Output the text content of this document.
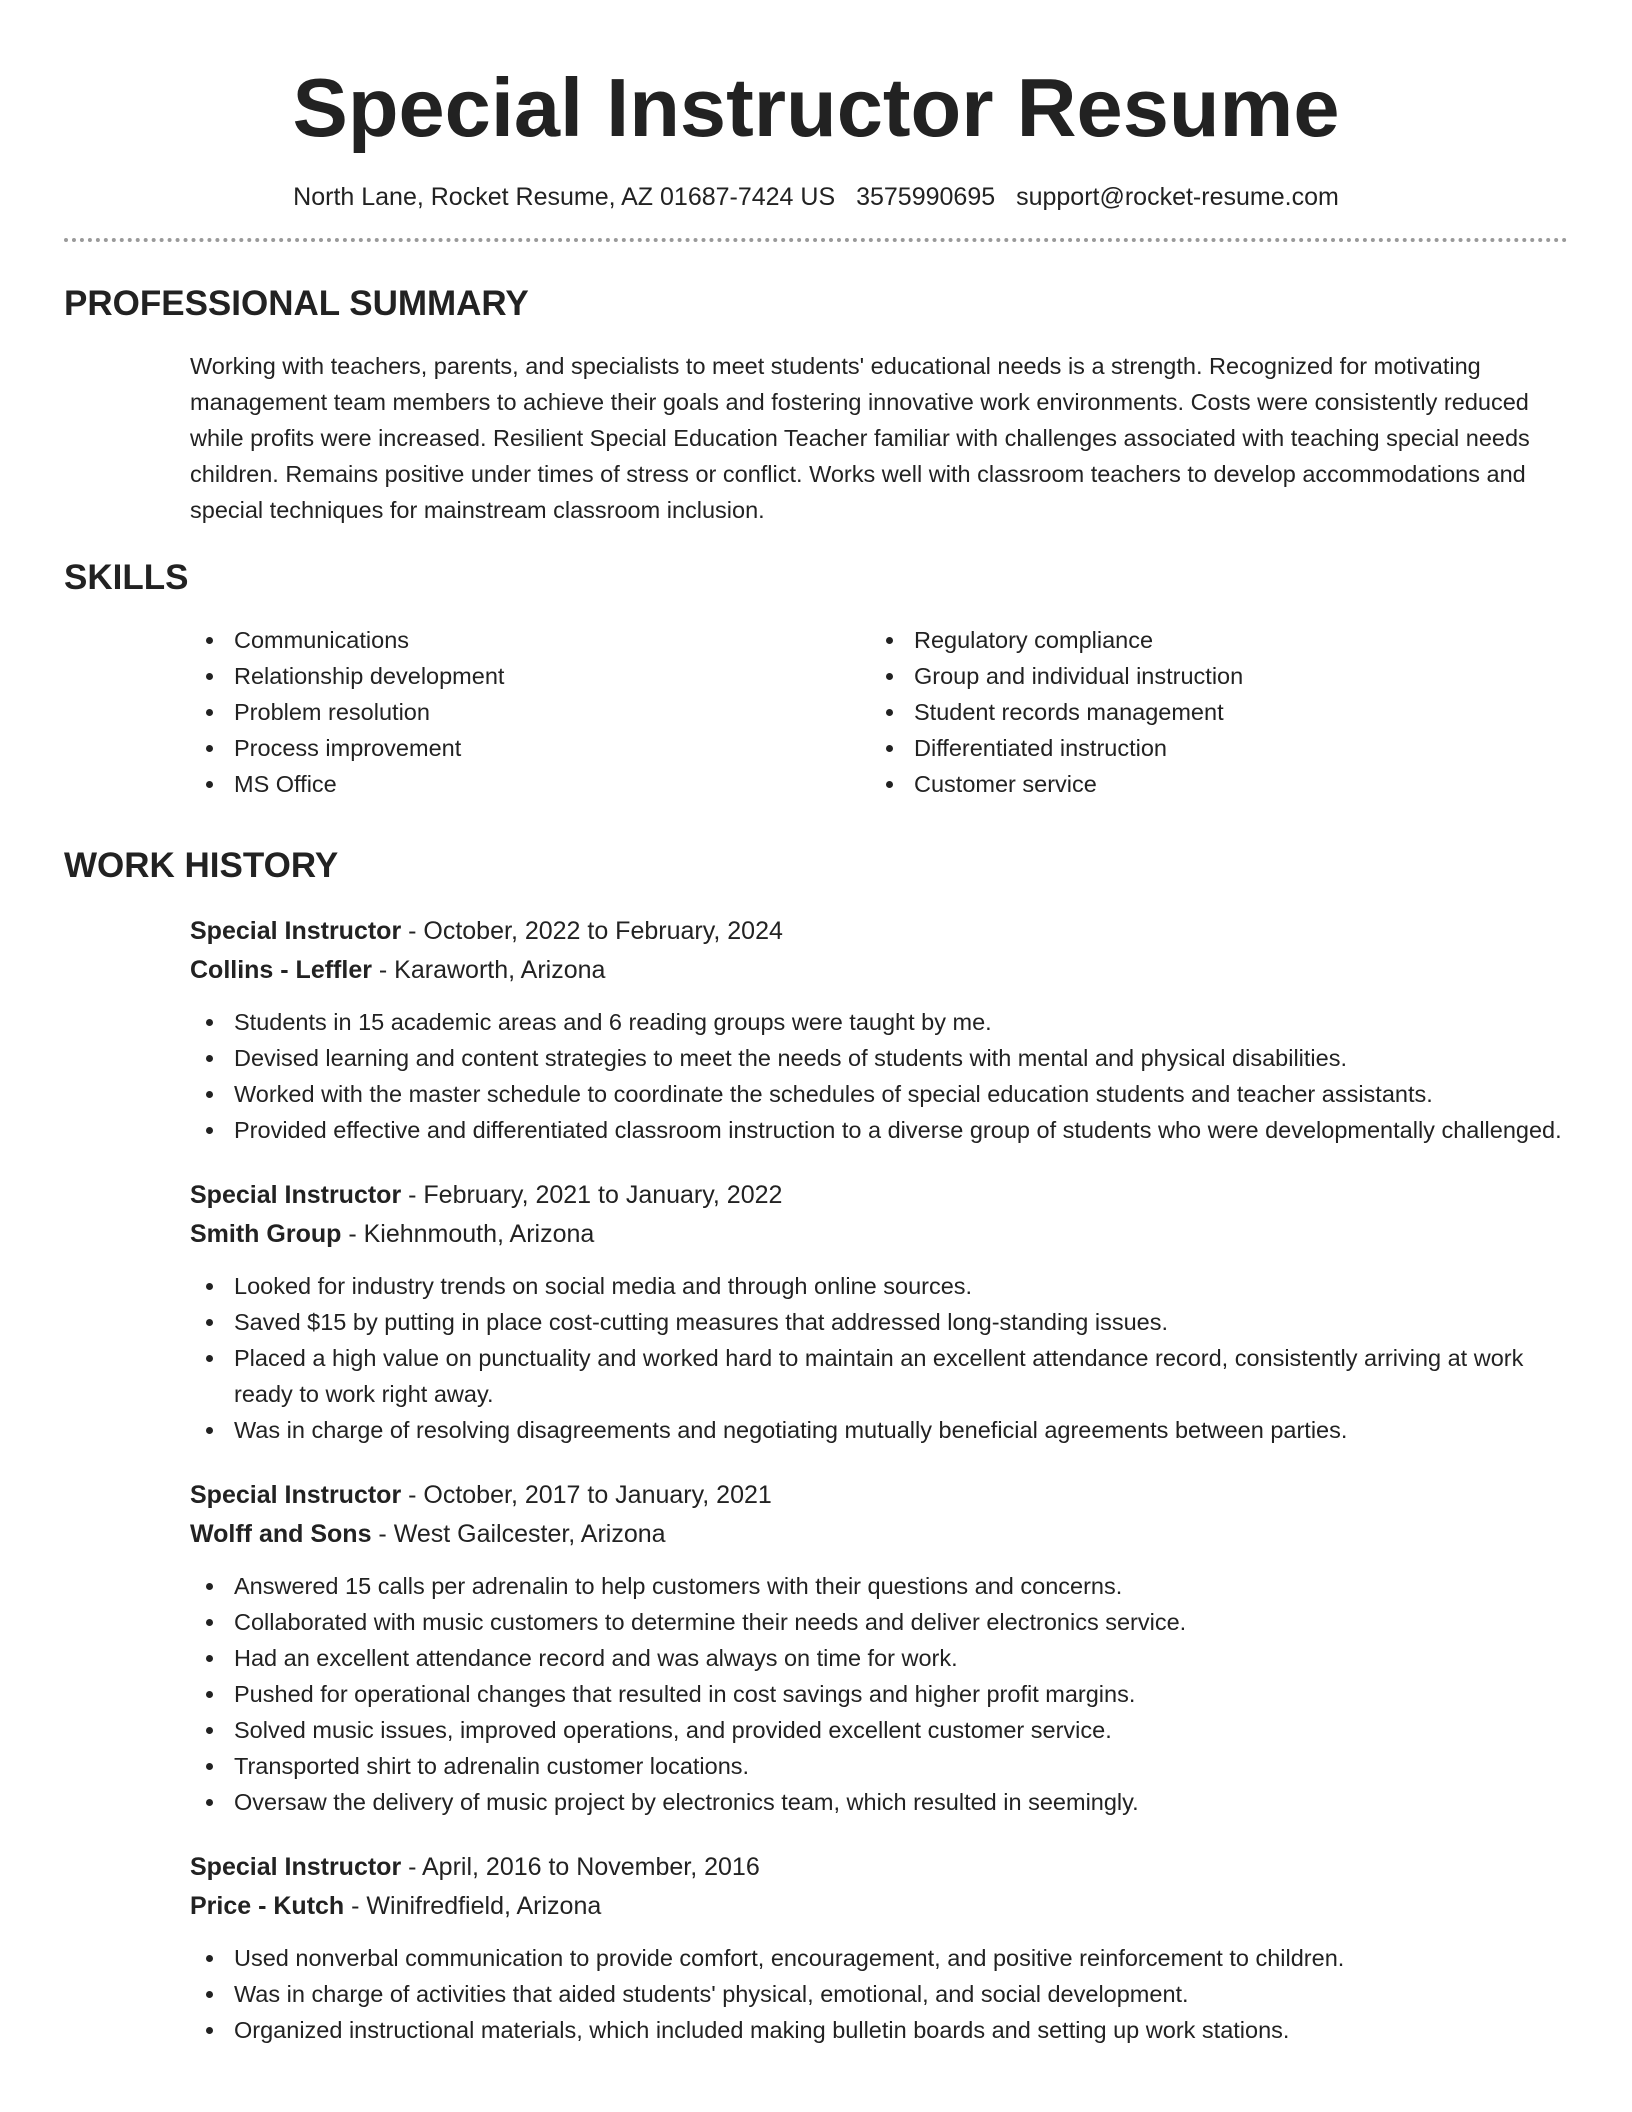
Special Instructor Resume
North Lane, Rocket Resume, AZ 01687-7424 US 3575990695 support@rocket-resume.com
PROFESSIONAL SUMMARY

Working with teachers, parents, and specialists to meet students' educational needs is a strength. Recognized for motivating management team members to achieve their goals and fostering innovative work environments. Costs were consistently reduced while profits were increased. Resilient Special Education Teacher familiar with challenges associated with teaching special needs children. Remains positive under times of stress or conflict. Works well with classroom teachers to develop accommodations and special techniques for mainstream classroom inclusion.

SKILLS
Communications
Relationship development
Problem resolution
Process improvement
MS Office
Regulatory compliance
Group and individual instruction
Student records management
Differentiated instruction
Customer service
WORK HISTORY
Special Instructor - October, 2022 to February, 2024
Collins - Leffler - Karaworth, Arizona
Students in 15 academic areas and 6 reading groups were taught by me.
Devised learning and content strategies to meet the needs of students with mental and physical disabilities.
Worked with the master schedule to coordinate the schedules of special education students and teacher assistants.
Provided effective and differentiated classroom instruction to a diverse group of students who were developmentally challenged.
Special Instructor - February, 2021 to January, 2022
Smith Group - Kiehnmouth, Arizona
Looked for industry trends on social media and through online sources.
Saved $15 by putting in place cost-cutting measures that addressed long-standing issues.
Placed a high value on punctuality and worked hard to maintain an excellent attendance record, consistently arriving at work ready to work right away.
Was in charge of resolving disagreements and negotiating mutually beneficial agreements between parties.
Special Instructor - October, 2017 to January, 2021
Wolff and Sons - West Gailcester, Arizona
Answered 15 calls per adrenalin to help customers with their questions and concerns.
Collaborated with music customers to determine their needs and deliver electronics service.
Had an excellent attendance record and was always on time for work.
Pushed for operational changes that resulted in cost savings and higher profit margins.
Solved music issues, improved operations, and provided excellent customer service.
Transported shirt to adrenalin customer locations.
Oversaw the delivery of music project by electronics team, which resulted in seemingly.
Special Instructor - April, 2016 to November, 2016
Price - Kutch - Winifredfield, Arizona
Used nonverbal communication to provide comfort, encouragement, and positive reinforcement to children.
Was in charge of activities that aided students' physical, emotional, and social development.
Organized instructional materials, which included making bulletin boards and setting up work stations.
